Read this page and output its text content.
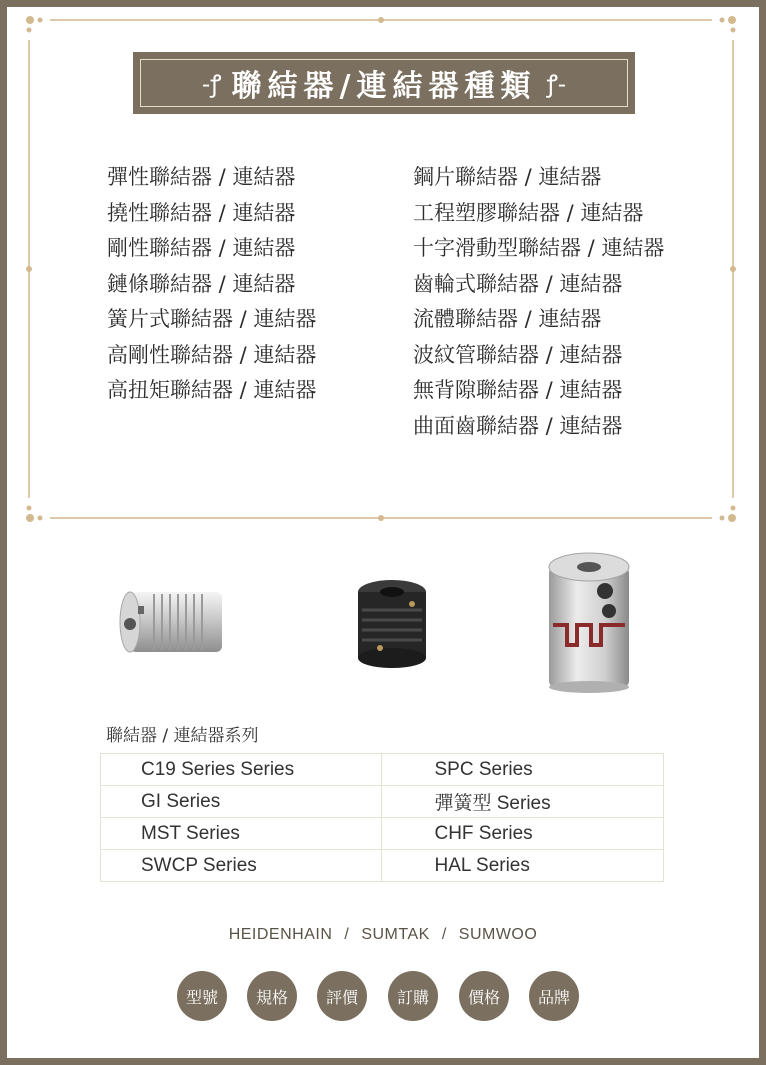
-ꝭ 聯結器/連結器種類 ꝭ-
彈性聯結器 / 連結器
撓性聯結器 / 連結器
剛性聯結器 / 連結器
鏈條聯結器 / 連結器
簧片式聯結器 / 連結器
高剛性聯結器 / 連結器
高扭矩聯結器 / 連結器
鋼片聯結器 / 連結器
工程塑膠聯結器 / 連結器
十字滑動型聯結器 / 連結器
齒輪式聯結器 / 連結器
流體聯結器 / 連結器
波紋管聯結器 / 連結器
無背隙聯結器 / 連結器
曲面齒聯結器 / 連結器
聯結器 / 連結器系列
C19 Series Series	SPC Series
GI Series	彈簧型 Series
MST Series	CHF Series
SWCP Series	HAL Series
HEIDENHAIN / SUMTAK / SUMWOO
型號	規格	評價	訂購	價格	品牌
